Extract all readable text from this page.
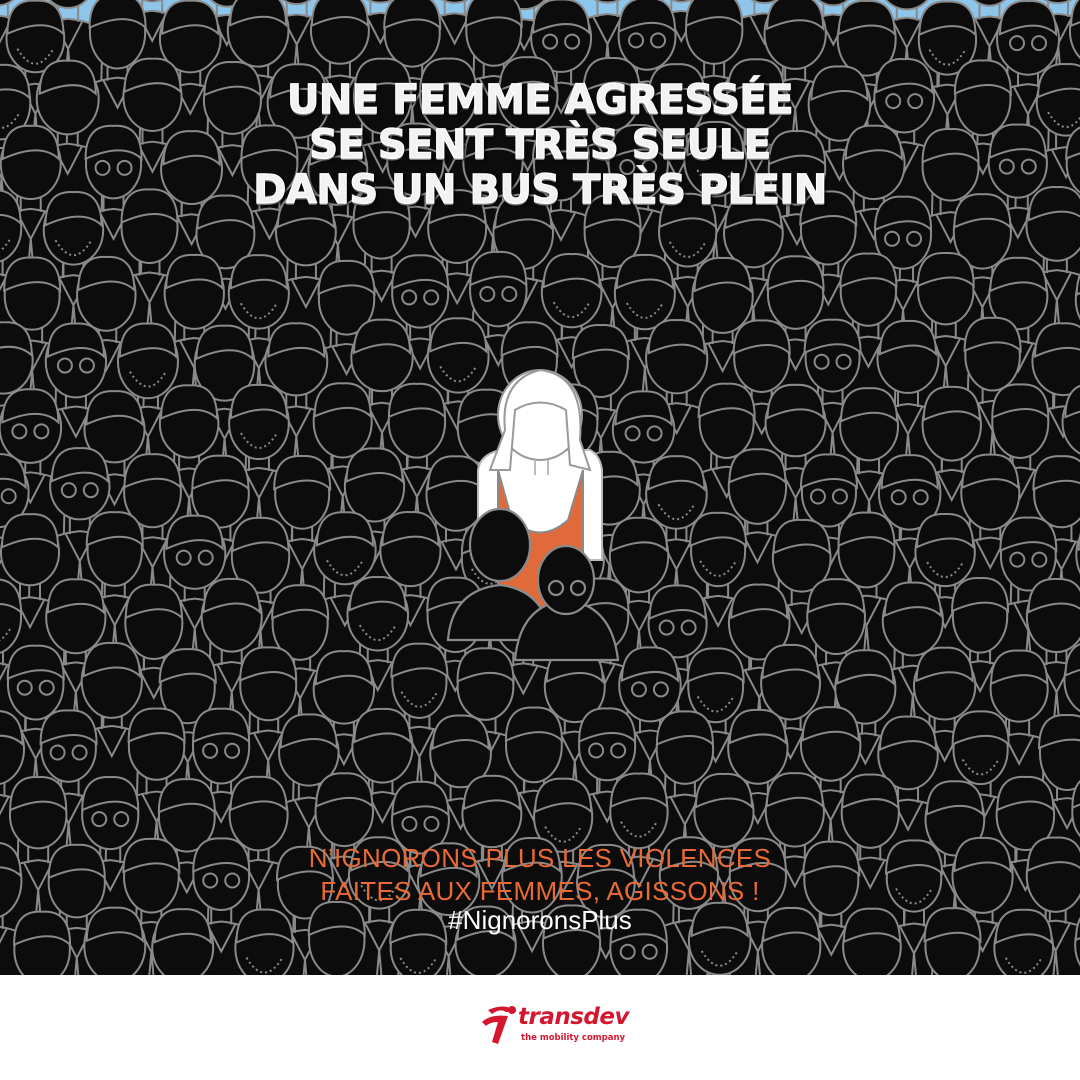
UNE FEMME AGRESSÉE
SE SENT TRÈS SEULE
DANS UN BUS TRÈS PLEIN
N’IGNORONS PLUS LES VIOLENCES
FAITES AUX FEMMES, AGISSONS !
#NignoronsPlus
transdev
the mobility company
